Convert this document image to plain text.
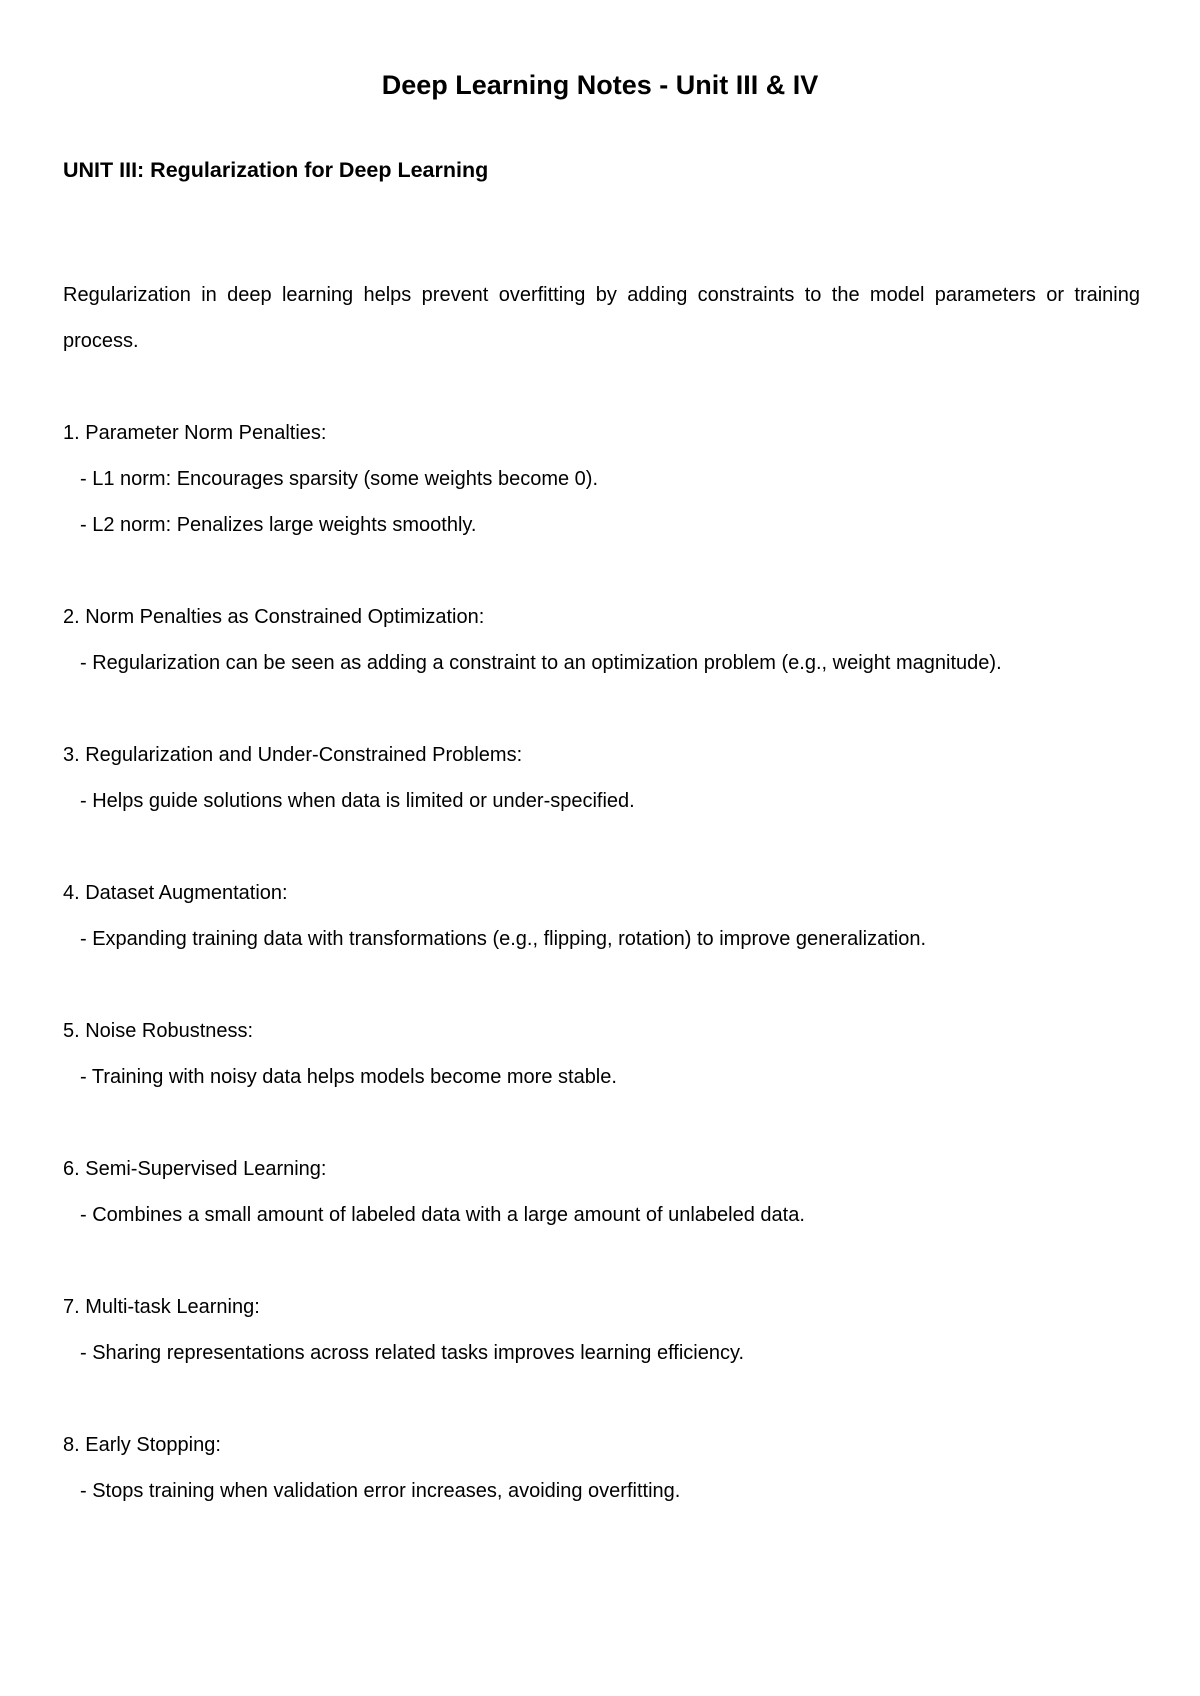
Deep Learning Notes - Unit III & IV
UNIT III: Regularization for Deep Learning
Regularization in deep learning helps prevent overfitting by adding constraints to the model parameters or training process.
1. Parameter Norm Penalties:
- L1 norm: Encourages sparsity (some weights become 0).
- L2 norm: Penalizes large weights smoothly.
2. Norm Penalties as Constrained Optimization:
- Regularization can be seen as adding a constraint to an optimization problem (e.g., weight magnitude).
3. Regularization and Under-Constrained Problems:
- Helps guide solutions when data is limited or under-specified.
4. Dataset Augmentation:
- Expanding training data with transformations (e.g., flipping, rotation) to improve generalization.
5. Noise Robustness:
- Training with noisy data helps models become more stable.
6. Semi-Supervised Learning:
- Combines a small amount of labeled data with a large amount of unlabeled data.
7. Multi-task Learning:
- Sharing representations across related tasks improves learning efficiency.
8. Early Stopping:
- Stops training when validation error increases, avoiding overfitting.
